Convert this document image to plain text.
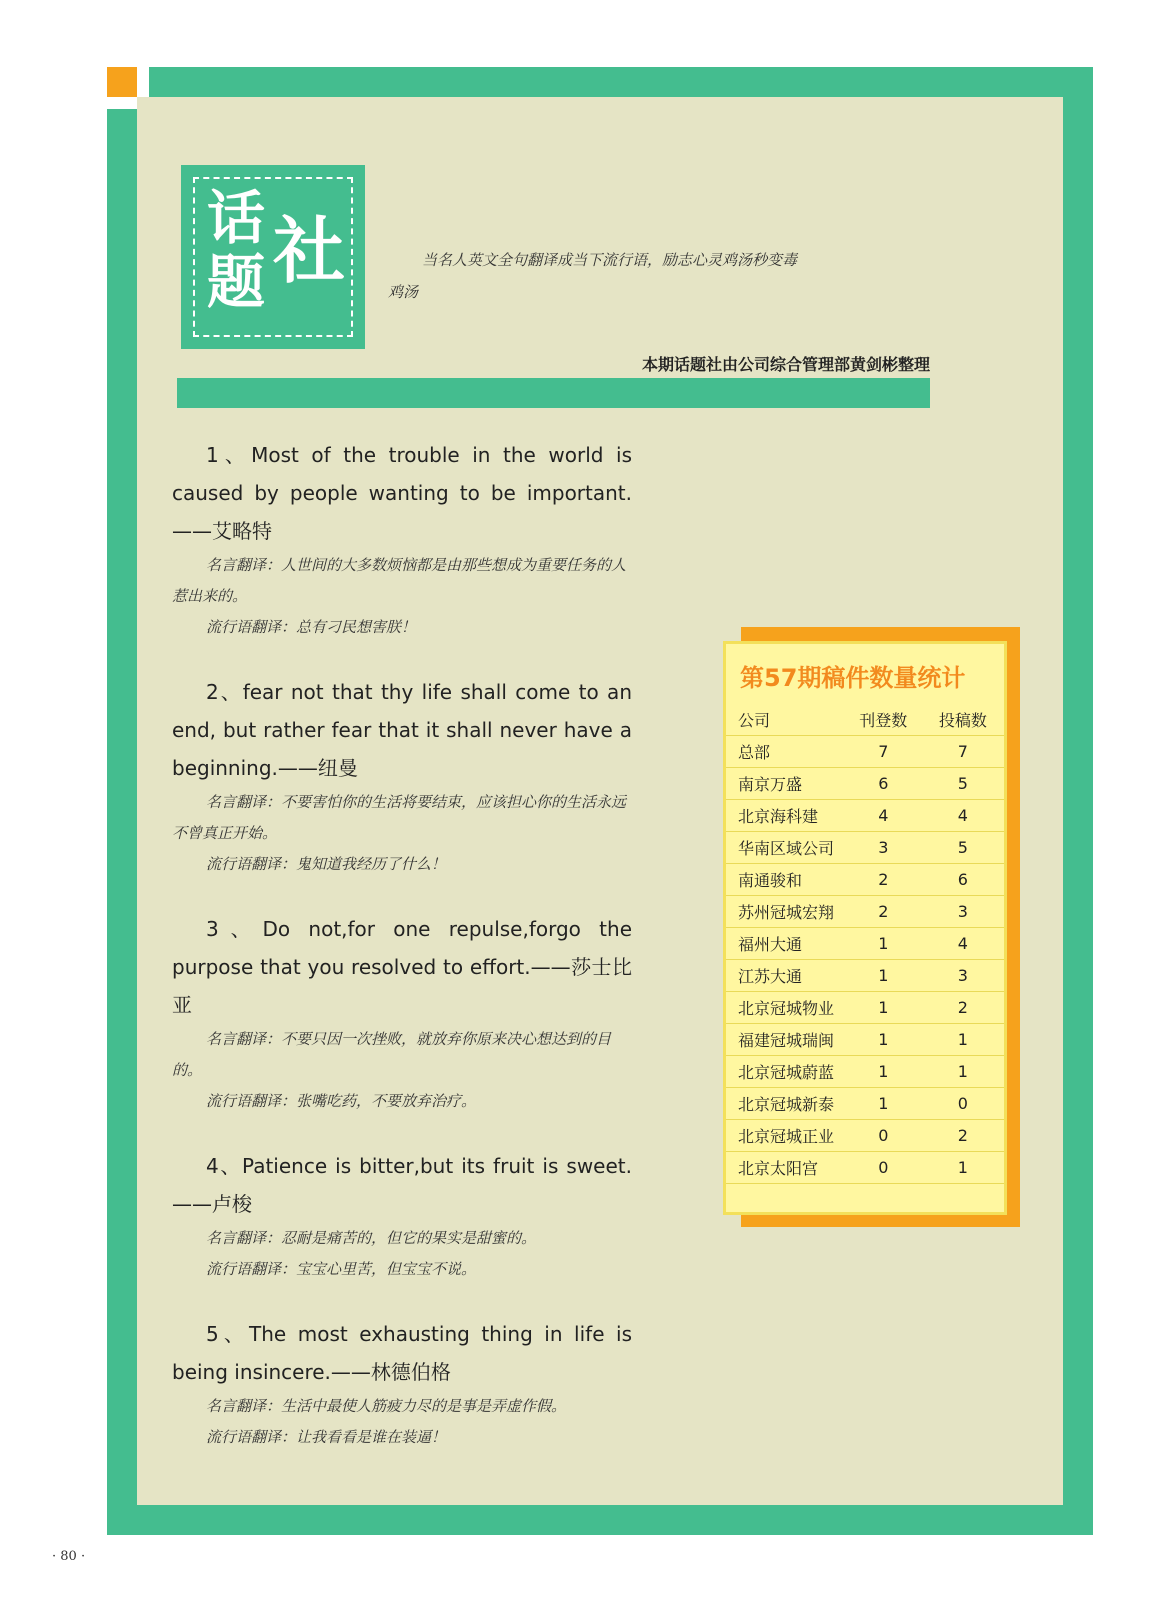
话
题 社	当名人英文全句翻译成当下流行语，励志心灵鸡汤秒变毒鸡汤
本期话题社由公司综合管理部黄剑彬整理
1、Most of the trouble in the world is caused by people wanting to be important.——艾略特
名言翻译：人世间的大多数烦恼都是由那些想成为重要任务的人惹出来的。
流行语翻译：总有刁民想害朕！
2、fear not that thy life shall come to an end, but rather fear that it shall never have a beginning.——纽曼
名言翻译：不要害怕你的生活将要结束，应该担心你的生活永远不曾真正开始。
流行语翻译：鬼知道我经历了什么！
3、Do not,for one repulse,forgo the purpose that you resolved to effort.——莎士比亚
名言翻译：不要只因一次挫败，就放弃你原来决心想达到的目的。
流行语翻译：张嘴吃药，不要放弃治疗。
4、Patience is bitter,but its fruit is sweet.——卢梭
名言翻译：忍耐是痛苦的，但它的果实是甜蜜的。
流行语翻译：宝宝心里苦，但宝宝不说。
5、The most exhausting thing in life is being insincere.——林德伯格
名言翻译：生活中最使人筋疲力尽的是事是弄虚作假。
流行语翻译：让我看看是谁在装逼！
第57期稿件数量统计
公司	刊登数	投稿数
总部	7	7
南京万盛	6	5
北京海科建	4	4
华南区域公司	3	5
南通骏和	2	6
苏州冠城宏翔	2	3
福州大通	1	4
江苏大通	1	3
北京冠城物业	1	2
福建冠城瑞闽	1	1
北京冠城蔚蓝	1	1
北京冠城新泰	1	0
北京冠城正业	0	2
北京太阳宫	0	1
· 80 ·
